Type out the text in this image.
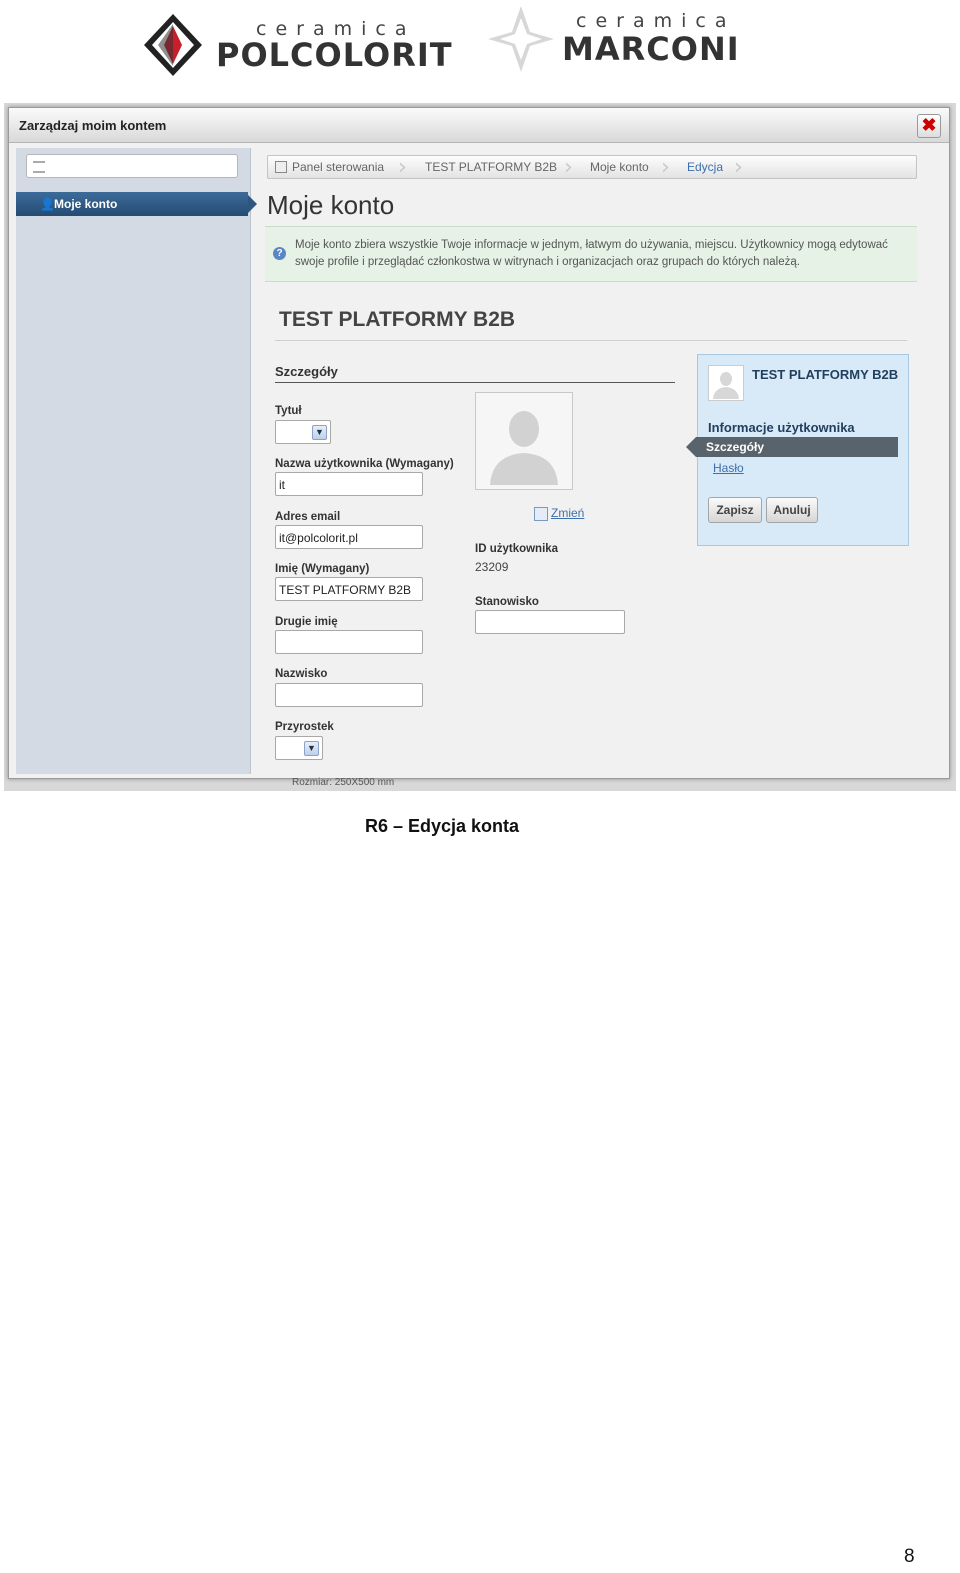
ceramica
POLCOLORIT
ceramica
MARCONI
Zarządzaj moim kontem	✖
👤 Moje konto
Panel sterowania › TEST PLATFORMY B2B › Moje konto › Edycja ›
Moje konto
?
Moje konto zbiera wszystkie Twoje informacje w jednym, łatwym do używania, miejscu. Użytkownicy mogą edytować swoje profile i przeglądać członkostwa w witrynach i organizacjach oraz grupach do których należą.
TEST PLATFORMY B2B
Szczegóły
Tytuł
▼
Nazwa użytkownika (Wymagany)
it
Adres email
it@polcolorit.pl
Imię (Wymagany)
TEST PLATFORMY B2B
Drugie imię
Nazwisko
Przyrostek
▼
Zmień
ID użytkownika
23209
Stanowisko
TEST PLATFORMY B2B
Informacje użytkownika
Szczegóły
Hasło
Zapisz	Anuluj
Rozmiar: 250X500 mm
R6 – Edycja konta
8
